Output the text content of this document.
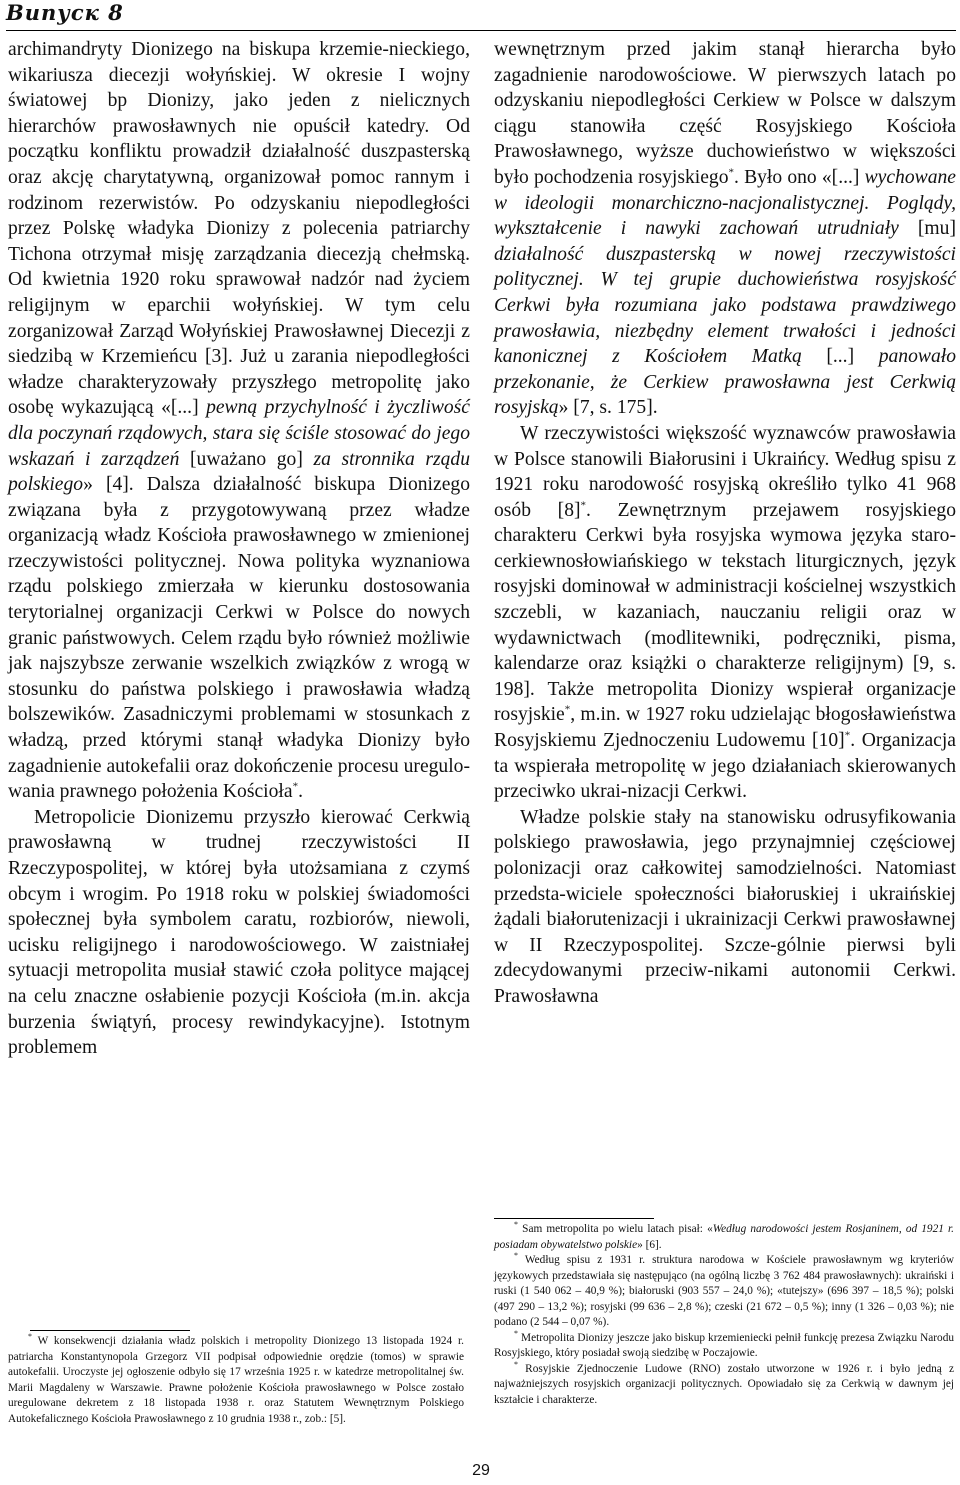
Випуск 8

archimandryty Dionizego na biskupa krzemie-nieckiego, wikariusza diecezji wołyńskiej. W okresie I wojny światowej bp Dionizy, jako jeden z nielicznych hierarchów prawosławnych nie opuścił katedry. Od początku konfliktu prowadził działalność duszpasterską oraz akcję charytatywną, organizował pomoc rannym i rodzinom rezerwistów. Po odzyskaniu niepodległości przez Polskę władyka Dionizy z polecenia patriarchy Tichona otrzymał misję zarządzania diecezją chełmską. Od kwietnia 1920 roku sprawował nadzór nad życiem religijnym w eparchii wołyńskiej. W tym celu zorganizował Zarząd Wołyńskiej Prawosławnej Diecezji z siedzibą w Krzemieńcu [3]. Już u zarania niepodległości władze charakteryzowały przyszłego metropolitę jako osobę wykazującą «[...] pewną przychylność i życzliwość dla poczynań rządowych, stara się ściśle stosować do jego wskazań i zarządzeń [uważano go] za stronnika rządu polskiego» [4]. Dalsza działalność biskupa Dionizego związana była z przygotowywaną przez władze organizacją władz Kościoła prawosławnego w zmienionej rzeczywistości politycznej. Nowa polityka wyznaniowa rządu polskiego zmierzała w kierunku dostosowania terytorialnej organizacji Cerkwi w Polsce do nowych granic państwowych. Celem rządu było również możliwie jak najszybsze zerwanie wszelkich związków z wrogą w stosunku do państwa polskiego i prawosławia władzą bolszewików. Zasadniczymi problemami w stosunkach z władzą, przed którymi stanął władyka Dionizy było zagadnienie autokefalii oraz dokończenie procesu uregulo-wania prawnego położenia Kościoła*.

Metropolicie Dionizemu przyszło kierować Cerkwią prawosławną w trudnej rzeczywistości II Rzeczypospolitej, w której była utożsamiana z czymś obcym i wrogim. Po 1918 roku w polskiej świadomości społecznej była symbolem caratu, rozbiorów, niewoli, ucisku religijnego i narodowościowego. W zaistniałej sytuacji metropolita musiał stawić czoła polityce mającej na celu znaczne osłabienie pozycji Kościoła (m.in. akcja burzenia świątyń, procesy rewindykacyjne). Istotnym problemem

wewnętrznym przed jakim stanął hierarcha było zagadnienie narodowościowe. W pierwszych latach po odzyskaniu niepodległości Cerkiew w Polsce w dalszym ciągu stanowiła część Rosyjskiego Kościoła Prawosławnego, wyższe duchowieństwo w większości było pochodzenia rosyjskiego*. Było ono «[...] wychowane w ideologii monarchiczno-nacjonalistycznej. Poglądy, wykształcenie i nawyki zachowań utrudniały [mu] działalność duszpasterską w nowej rzeczywistości politycznej. W tej grupie duchowieństwa rosyjskość Cerkwi była rozumiana jako podstawa prawdziwego prawosławia, niezbędny element trwałości i jedności kanonicznej z Kościołem Matką [...] panowało przekonanie, że Cerkiew prawosławna jest Cerkwią rosyjską» [7, s. 175].

W rzeczywistości większość wyznawców prawosławia w Polsce stanowili Białorusini i Ukraińcy. Według spisu z 1921 roku narodowość rosyjską określiło tylko 41 968 osób [8]*. Zewnętrznym przejawem rosyjskiego charakteru Cerkwi była rosyjska wymowa języka staro-cerkiewnosłowiańskiego w tekstach liturgicznych, język rosyjski dominował w administracji kościelnej wszystkich szczebli, w kazaniach, nauczaniu religii oraz w wydawnictwach (modlitewniki, podręczniki, pisma, kalendarze oraz książki o charakterze religijnym) [9, s. 198]. Także metropolita Dionizy wspierał organizacje rosyjskie*, m.in. w 1927 roku udzielając błogosławieństwa Rosyjskiemu Zjednoczeniu Ludowemu [10]*. Organizacja ta wspierała metropolitę w jego działaniach skierowanych przeciwko ukrai-nizacji Cerkwi.

Władze polskie stały na stanowisku odrusyfikowania polskiego prawosławia, jego przynajmniej częściowej polonizacji oraz całkowitej samodzielności. Natomiast przedsta-wiciele społeczności białoruskiej i ukraińskiej żądali białorutenizacji i ukrainizacji Cerkwi prawosławnej w II Rzeczypospolitej. Szcze-gólnie pierwsi byli zdecydowanymi przeciw-nikami autonomii Cerkwi. Prawosławna

* W konsekwencji działania władz polskich i metropolity Dionizego 13 listopada 1924 r. patriarcha Konstantynopola Grzegorz VII podpisał odpowiednie orędzie (tomos) w sprawie autokefalii. Uroczyste jej ogłoszenie odbyło się 17 września 1925 r. w katedrze metropolitalnej św. Marii Magdaleny w Warszawie. Prawne położenie Kościoła prawosławnego w Polsce zostało uregulowane dekretem z 18 listopada 1938 r. oraz Statutem Wewnętrznym Polskiego Autokefalicznego Kościoła Prawosławnego z 10 grudnia 1938 r., zob.: [5].

* Sam metropolita po wielu latach pisał: «Według narodowości jestem Rosjaninem, od 1921 r. posiadam obywatelstwo polskie» [6].

* Według spisu z 1931 r. struktura narodowa w Kościele prawosławnym wg kryteriów językowych przedstawiała się następująco (na ogólną liczbę 3 762 484 prawosławnych): ukraiński i ruski (1 540 062 – 40,9 %); białoruski (903 557 – 24,0 %); «tutejszy» (696 397 – 18,5 %); polski (497 290 – 13,2 %); rosyjski (99 636 – 2,8 %); czeski (21 672 – 0,5 %); inny (1 326 – 0,03 %); nie podano (2 544 – 0,07 %).

* Metropolita Dionizy jeszcze jako biskup krzemieniecki pełnił funkcję prezesa Związku Narodu Rosyjskiego, który posiadał swoją siedzibę w Poczajowie.

* Rosyjskie Zjednoczenie Ludowe (RNO) zostało utworzone w 1926 r. i było jedną z najważniejszych rosyjskich organizacji politycznych. Opowiadało się za Cerkwią w dawnym jej kształcie i charakterze.

29
